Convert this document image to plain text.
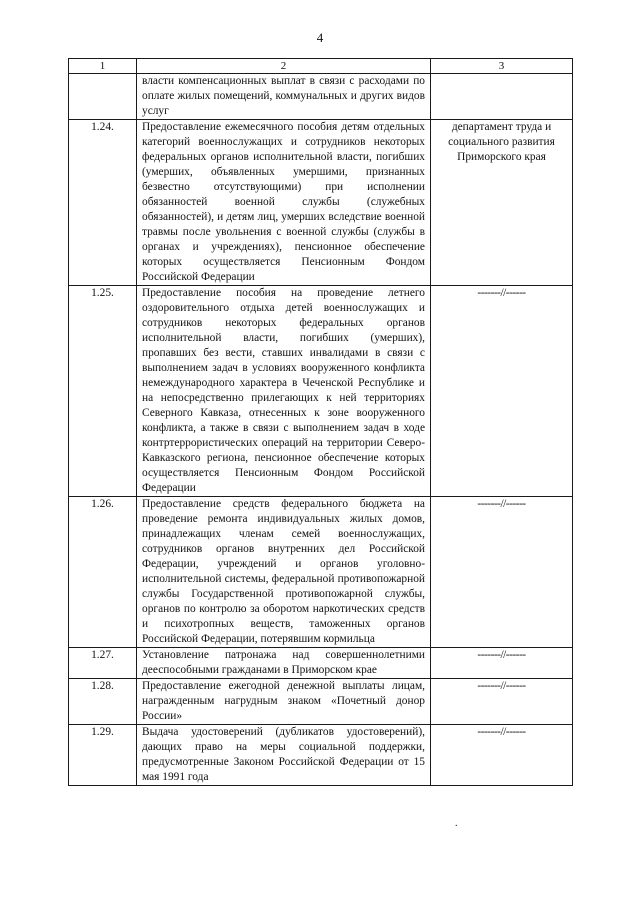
4
1	2	3
	власти компенсационных выплат в связи с расходами по оплате жилых помещений, коммунальных и других видов услуг	
1.24.	Предоставление ежемесячного пособия детям отдельных категорий военнослужащих и сотрудников некоторых федеральных органов исполнительной власти, погибших (умерших, объявленных умершими, признанных безвестно отсутствующими) при исполнении обязанностей военной службы (служебных обязанностей), и детям лиц, умерших вследствие военной травмы после увольнения с военной службы (службы в органах и учреждениях), пенсионное обеспечение которых осуществляется Пенсионным Фондом Российской Федерации	департамент труда и социального развития Приморского края
1.25.	Предоставление пособия на проведение летнего оздоровительного отдыха детей военнослужащих и сотрудников некоторых федеральных органов исполнительной власти, погибших (умерших), пропавших без вести, ставших инвалидами в связи с выполнением задач в условиях вооруженного конфликта немеждународного характера в Чеченской Республике и на непосредственно прилегающих к ней территориях Северного Кавказа, отнесенных к зоне вооруженного конфликта, а также в связи с выполнением задач в ходе контртеррористических операций на территории Северо-Кавказского региона, пенсионное обеспечение которых осуществляется Пенсионным Фондом Российской Федерации	-------//------
1.26.	Предоставление средств федерального бюджета на проведение ремонта индивидуальных жилых домов, принадлежащих членам семей военнослужащих, сотрудников органов внутренних дел Российской Федерации, учреждений и органов уголовно-исполнительной системы, федеральной противопожарной службы Государственной противопожарной службы, органов по контролю за оборотом наркотических средств и психотропных веществ, таможенных органов Российской Федерации, потерявшим кормильца	-------//------
1.27.	Установление патронажа над совершеннолетними дееспособными гражданами в Приморском крае	-------//------
1.28.	Предоставление ежегодной денежной выплаты лицам, награжденным нагрудным знаком «Почетный донор России»	-------//------
1.29.	Выдача удостоверений (дубликатов удостоверений), дающих право на меры социальной поддержки, предусмотренные Законом Российской Федерации от 15 мая 1991 года	-------//------
.
